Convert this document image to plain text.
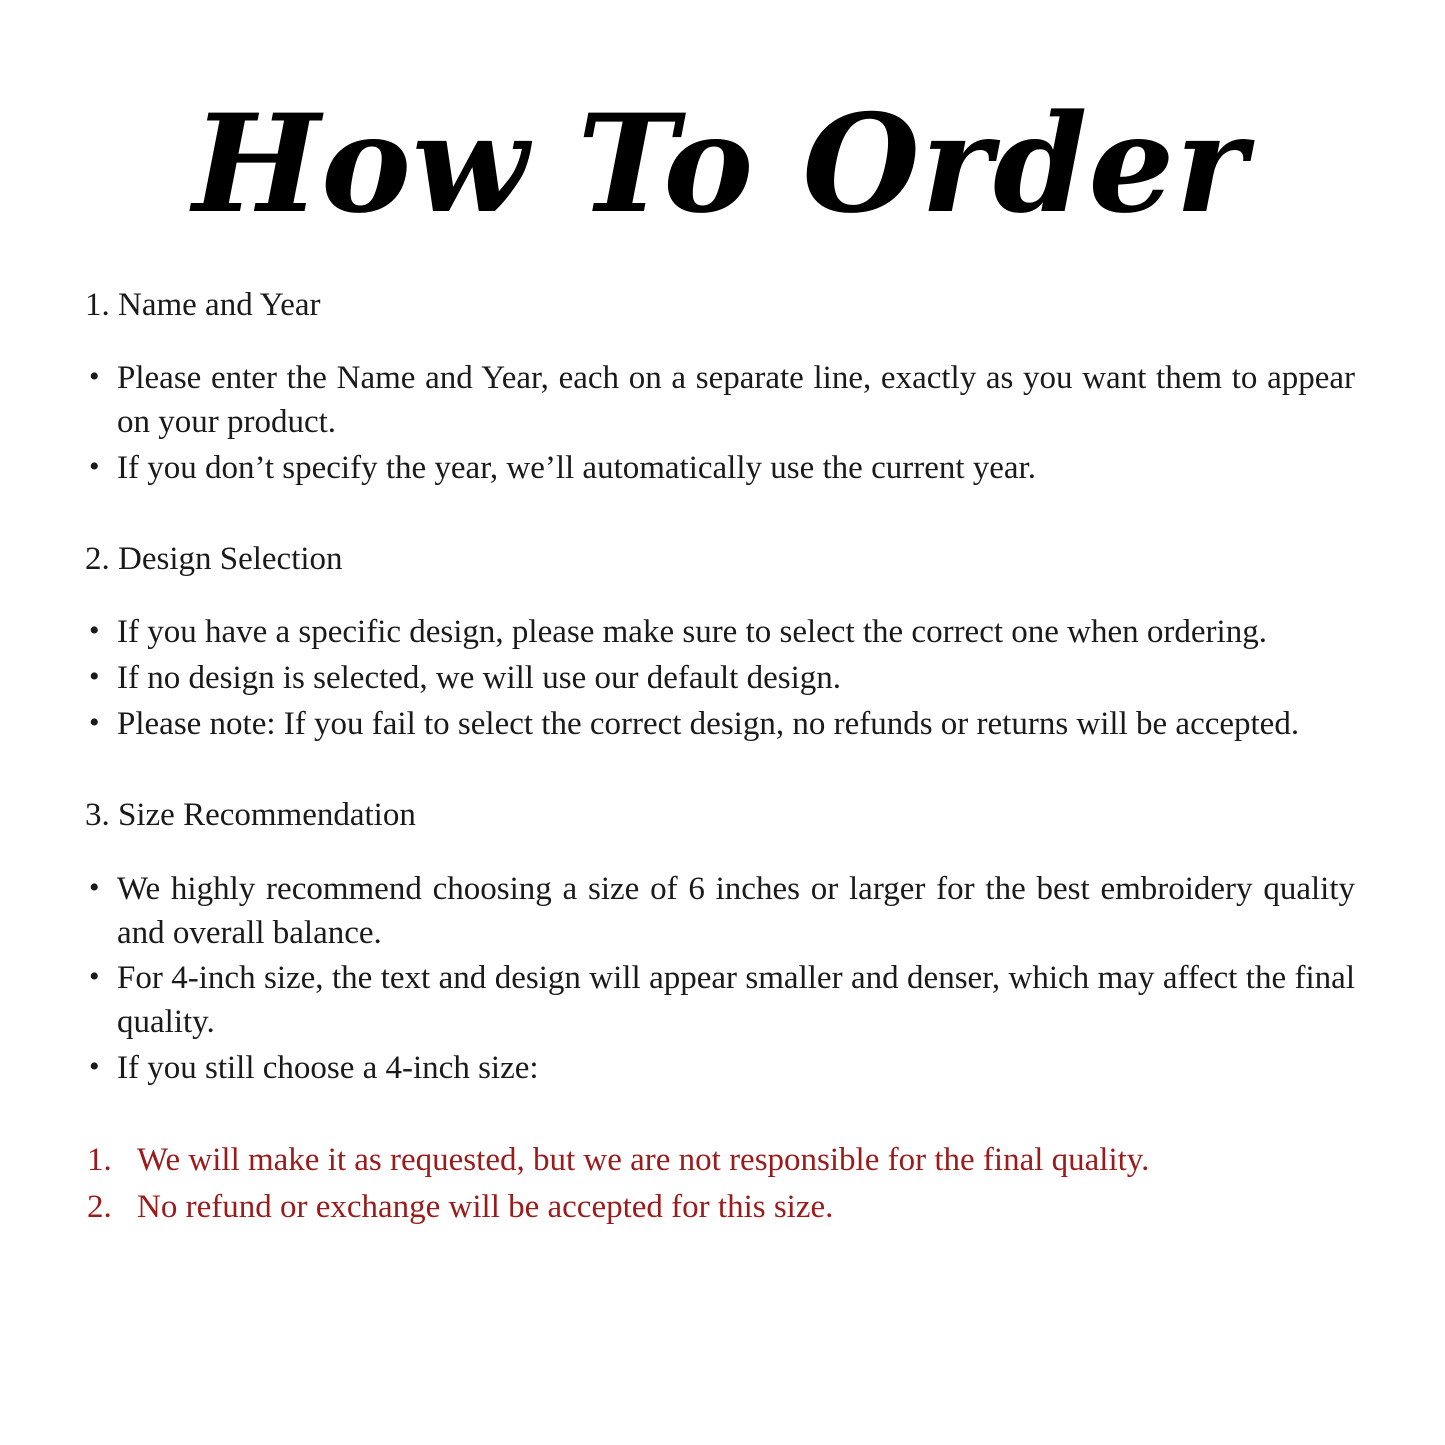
How To Order
1. Name and Year
• Please enter the Name and Year, each on a separate line, exactly as you want them to appear on your product.
• If you don’t specify the year, we’ll automatically use the current year.
2. Design Selection
• If you have a specific design, please make sure to select the correct one when ordering.
• If no design is selected, we will use our default design.
• Please note: If you fail to select the correct design, no refunds or returns will be accepted.
3. Size Recommendation
• We highly recommend choosing a size of 6 inches or larger for the best embroidery quality and overall balance.
• For 4-inch size, the text and design will appear smaller and denser, which may affect the final quality.
• If you still choose a 4-inch size:
1. We will make it as requested, but we are not responsible for the final quality.
2. No refund or exchange will be accepted for this size.
